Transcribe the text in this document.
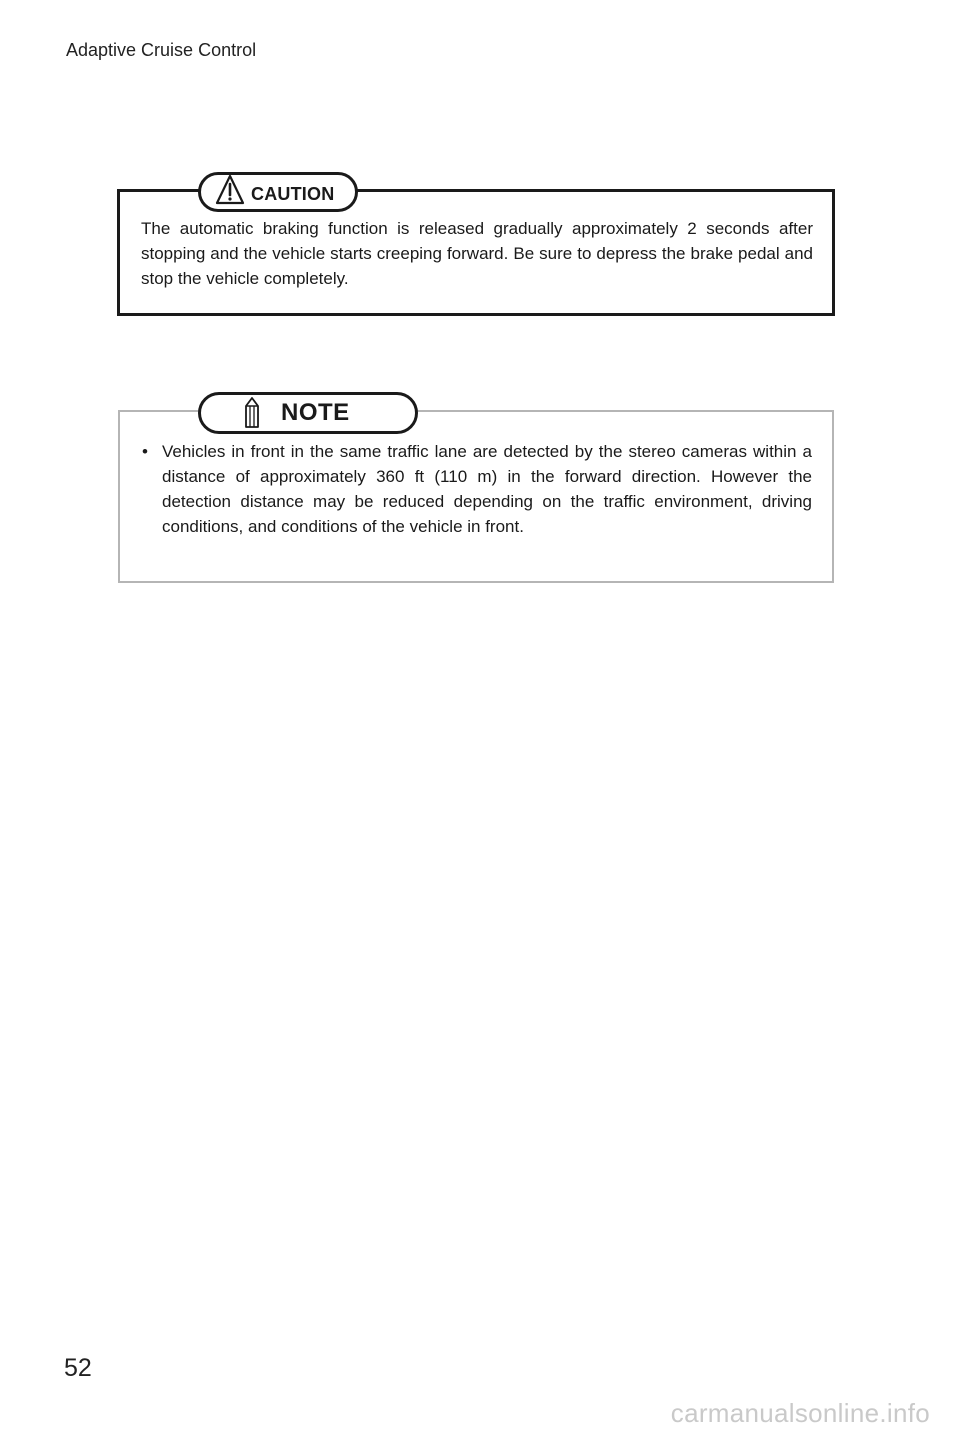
Adaptive Cruise Control

The automatic braking function is released gradually approximately 2 seconds after stopping and the vehicle starts creeping forward. Be sure to depress the brake pedal and stop the vehicle completely.

CAUTION
• Vehicles in front in the same traffic lane are detected by the stereo cameras within a distance of approximately 360 ft (110 m) in the forward direction. However the detection distance may be reduced depending on the traffic environment, driving conditions, and conditions of the vehicle in front.
NOTE
52
carmanualsonline.info
